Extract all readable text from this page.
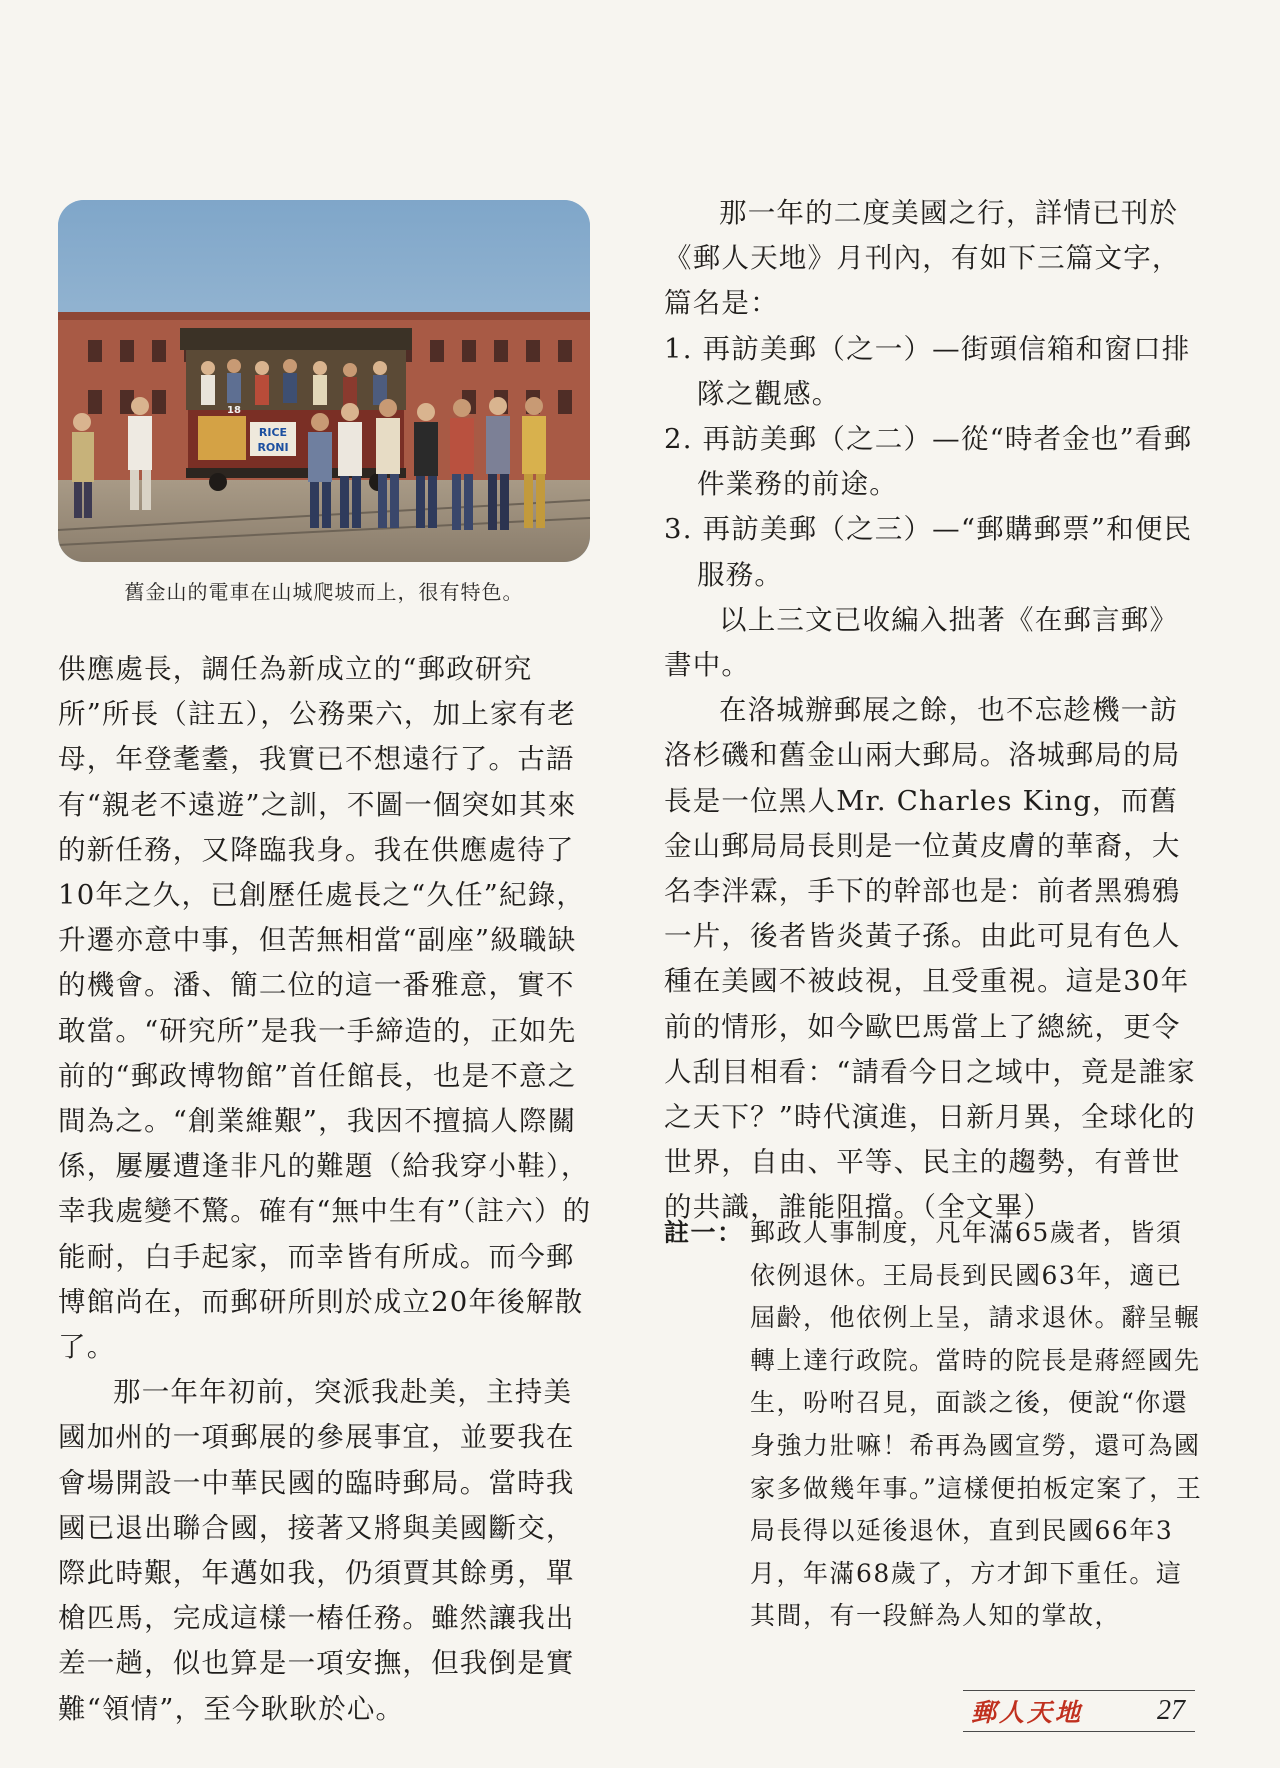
RICE
RONI
18
舊金山的電車在山城爬坡而上，很有特色。

供應處長，調任為新成立的“郵政研究所”所長（註五），公務栗六，加上家有老母，年登耄耋，我實已不想遠行了。古語有“親老不遠遊”之訓，不圖一個突如其來的新任務，又降臨我身。我在供應處待了10年之久，已創歷任處長之“久任”紀錄，升遷亦意中事，但苦無相當“副座”級職缺的機會。潘、簡二位的這一番雅意，實不敢當。“研究所”是我一手締造的，正如先前的“郵政博物館”首任館長，也是不意之間為之。“創業維艱”，我因不擅搞人際關係，屢屢遭逢非凡的難題（給我穿小鞋），幸我處變不驚。確有“無中生有”（註六）的能耐，白手起家，而幸皆有所成。而今郵博館尚在，而郵研所則於成立20年後解散了。

那一年年初前，突派我赴美，主持美國加州的一項郵展的參展事宜，並要我在會場開設一中華民國的臨時郵局。當時我國已退出聯合國，接著又將與美國斷交，際此時艱，年邁如我，仍須賈其餘勇，單槍匹馬，完成這樣一樁任務。雖然讓我出差一趟，似也算是一項安撫，但我倒是實難“領情”，至今耿耿於心。

那一年的二度美國之行，詳情已刊於《郵人天地》月刊內，有如下三篇文字，篇名是：

1. 再訪美郵（之一）—街頭信箱和窗口排隊之觀感。

2. 再訪美郵（之二）—從“時者金也”看郵件業務的前途。

3. 再訪美郵（之三）—“郵購郵票”和便民服務。

以上三文已收編入拙著《在郵言郵》書中。

在洛城辦郵展之餘，也不忘趁機一訪洛杉磯和舊金山兩大郵局。洛城郵局的局長是一位黑人Mr. Charles King，而舊金山郵局局長則是一位黃皮膚的華裔，大名李泮霖，手下的幹部也是：前者黑鴉鴉一片，後者皆炎黃子孫。由此可見有色人種在美國不被歧視，且受重視。這是30年前的情形，如今歐巴馬當上了總統，更令人刮目相看：“請看今日之域中，竟是誰家之天下？”時代演進，日新月異，全球化的世界，自由、平等、民主的趨勢，有普世的共識，誰能阻擋。（全文畢）

註一： 郵政人事制度，凡年滿65歲者，皆須依例退休。王局長到民國63年，適已屆齡，他依例上呈，請求退休。辭呈輾轉上達行政院。當時的院長是蔣經國先生，吩咐召見，面談之後，便說“你還身強力壯嘛！希再為國宣勞，還可為國家多做幾年事。”這樣便拍板定案了，王局長得以延後退休，直到民國66年3月，年滿68歲了，方才卸下重任。這其間，有一段鮮為人知的掌故，
郵人天地	27
